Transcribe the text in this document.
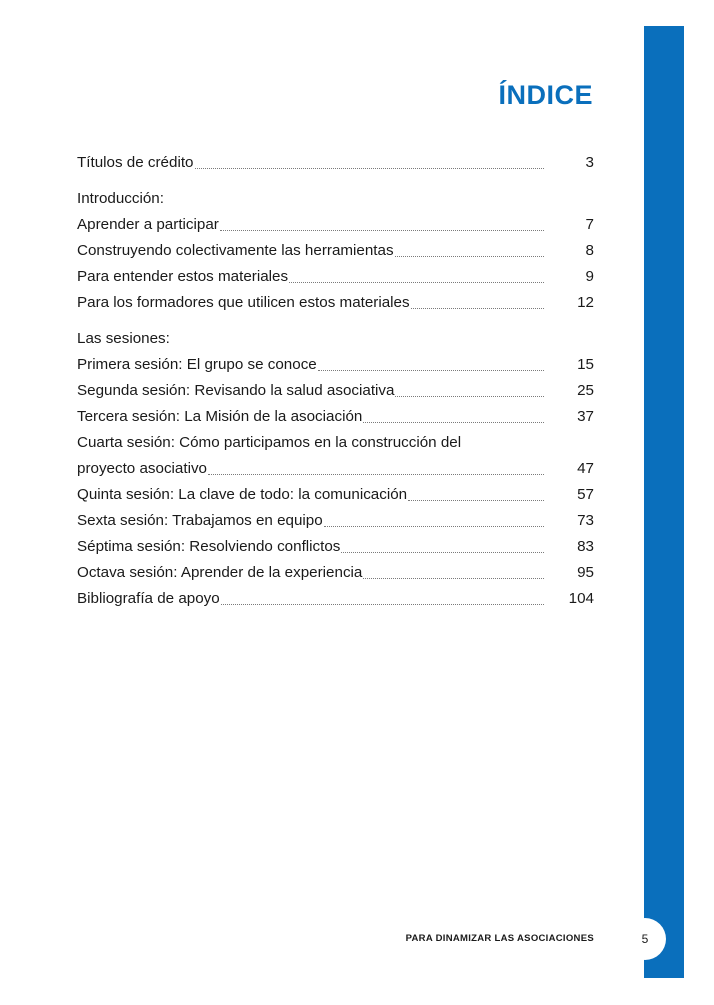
ÍNDICE
Títulos de crédito	3
Introducción:
Aprender a participar	7
Construyendo colectivamente las herramientas	8
Para entender estos materiales	9
Para los formadores que utilicen estos materiales	12
Las sesiones:
Primera sesión: El grupo se conoce	15
Segunda sesión: Revisando la salud asociativa	25
Tercera sesión: La Misión de la asociación	37
Cuarta sesión: Cómo participamos en la construcción del
proyecto asociativo	47
Quinta sesión: La clave de todo: la comunicación	57
Sexta sesión: Trabajamos en equipo	73
Séptima sesión: Resolviendo conflictos	83
Octava sesión: Aprender de la experiencia	95
Bibliografía de apoyo	104
PARA DINAMIZAR LAS ASOCIACIONES	5
